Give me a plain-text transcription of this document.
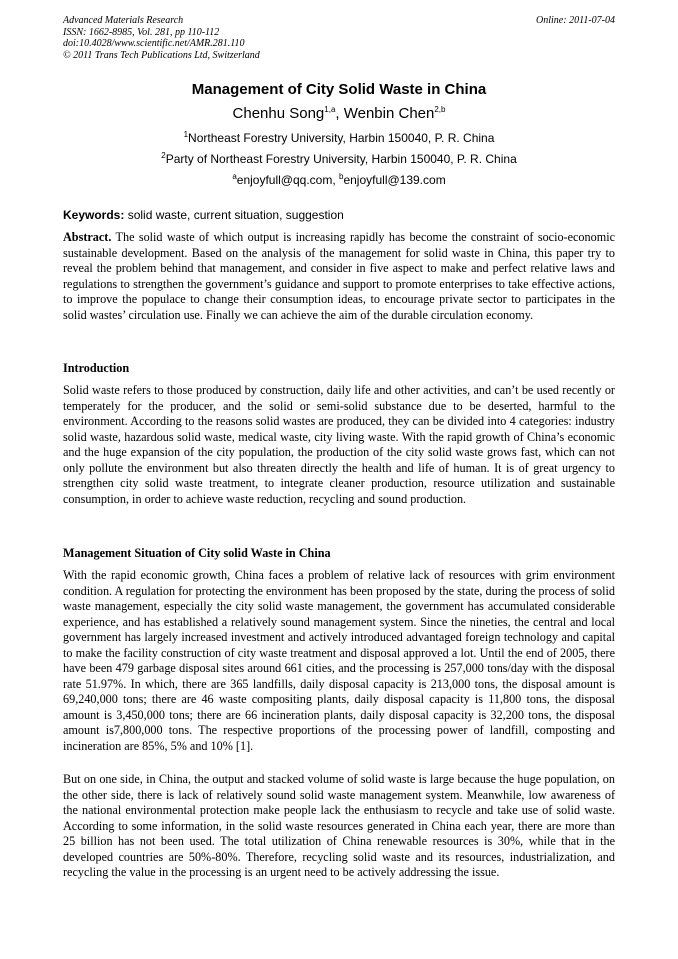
Advanced Materials Research
ISSN: 1662-8985, Vol. 281, pp 110-112
doi:10.4028/www.scientific.net/AMR.281.110
© 2011 Trans Tech Publications Ltd, Switzerland
Online: 2011-07-04
Management of City Solid Waste in China
Chenhu Song$^{1,a}$, Wenbin Chen$^{2,b}$
$^1$Northeast Forestry University, Harbin 150040, P. R. China
$^2$Party of Northeast Forestry University, Harbin 150040, P. R. China
$^a$enjoyfull@qq.com, $^b$enjoyfull@139.com
Keywords: solid waste, current situation, suggestion
Abstract. The solid waste of which output is increasing rapidly has become the constraint of socio-economic sustainable development. Based on the analysis of the management for solid waste in China, this paper try to reveal the problem behind that management, and consider in five aspect to make and perfect relative laws and regulations to strengthen the government’s guidance and support to promote enterprises to take effective actions, to improve the populace to change their consumption ideas, to encourage private sector to participates in the solid wastes’ circulation use. Finally we can achieve the aim of the durable circulation economy.
Introduction
Solid waste refers to those produced by construction, daily life and other activities, and can’t be used recently or temperately for the producer, and the solid or semi-solid substance due to be deserted, harmful to the environment. According to the reasons solid wastes are produced, they can be divided into 4 categories: industry solid waste, hazardous solid waste, medical waste, city living waste. With the rapid growth of China’s economic and the huge expansion of the city population, the production of the city solid waste grows fast, which can not only pollute the environment but also threaten directly the health and life of human. It is of great urgency to strengthen city solid waste treatment, to integrate cleaner production, resource utilization and sustainable consumption, in order to achieve waste reduction, recycling and sound production.
Management Situation of City solid Waste in China
With the rapid economic growth, China faces a problem of relative lack of resources with grim environment condition. A regulation for protecting the environment has been proposed by the state, during the process of solid waste management, especially the city solid waste management, the government has accumulated considerable experience, and has established a relatively sound management system. Since the nineties, the central and local government has largely increased investment and actively introduced advantaged foreign technology and capital to make the facility construction of city waste treatment and disposal approved a lot. Until the end of 2005, there have been 479 garbage disposal sites around 661 cities, and the processing is 257,000 tons/day with the disposal rate 51.97%. In which, there are 365 landfills, daily disposal capacity is 213,000 tons, the disposal amount is 69,240,000 tons; there are 46 waste compositing plants, daily disposal capacity is 11,800 tons, the disposal amount is 3,450,000 tons; there are 66 incineration plants, daily disposal capacity is 32,200 tons, the disposal amount is7,800,000 tons. The respective proportions of the processing power of landfill, composting and incineration are 85%, 5% and 10% [1].
But on one side, in China, the output and stacked volume of solid waste is large because the huge population, on the other side, there is lack of relatively sound solid waste management system. Meanwhile, low awareness of the national environmental protection make people lack the enthusiasm to recycle and take use of solid waste. According to some information, in the solid waste resources generated in China each year, there are more than 25 billion has not been used. The total utilization of China renewable resources is 30%, while that in the developed countries are 50%-80%. Therefore, recycling solid waste and its resources, industrialization, and recycling the value in the processing is an urgent need to be actively addressing the issue.
